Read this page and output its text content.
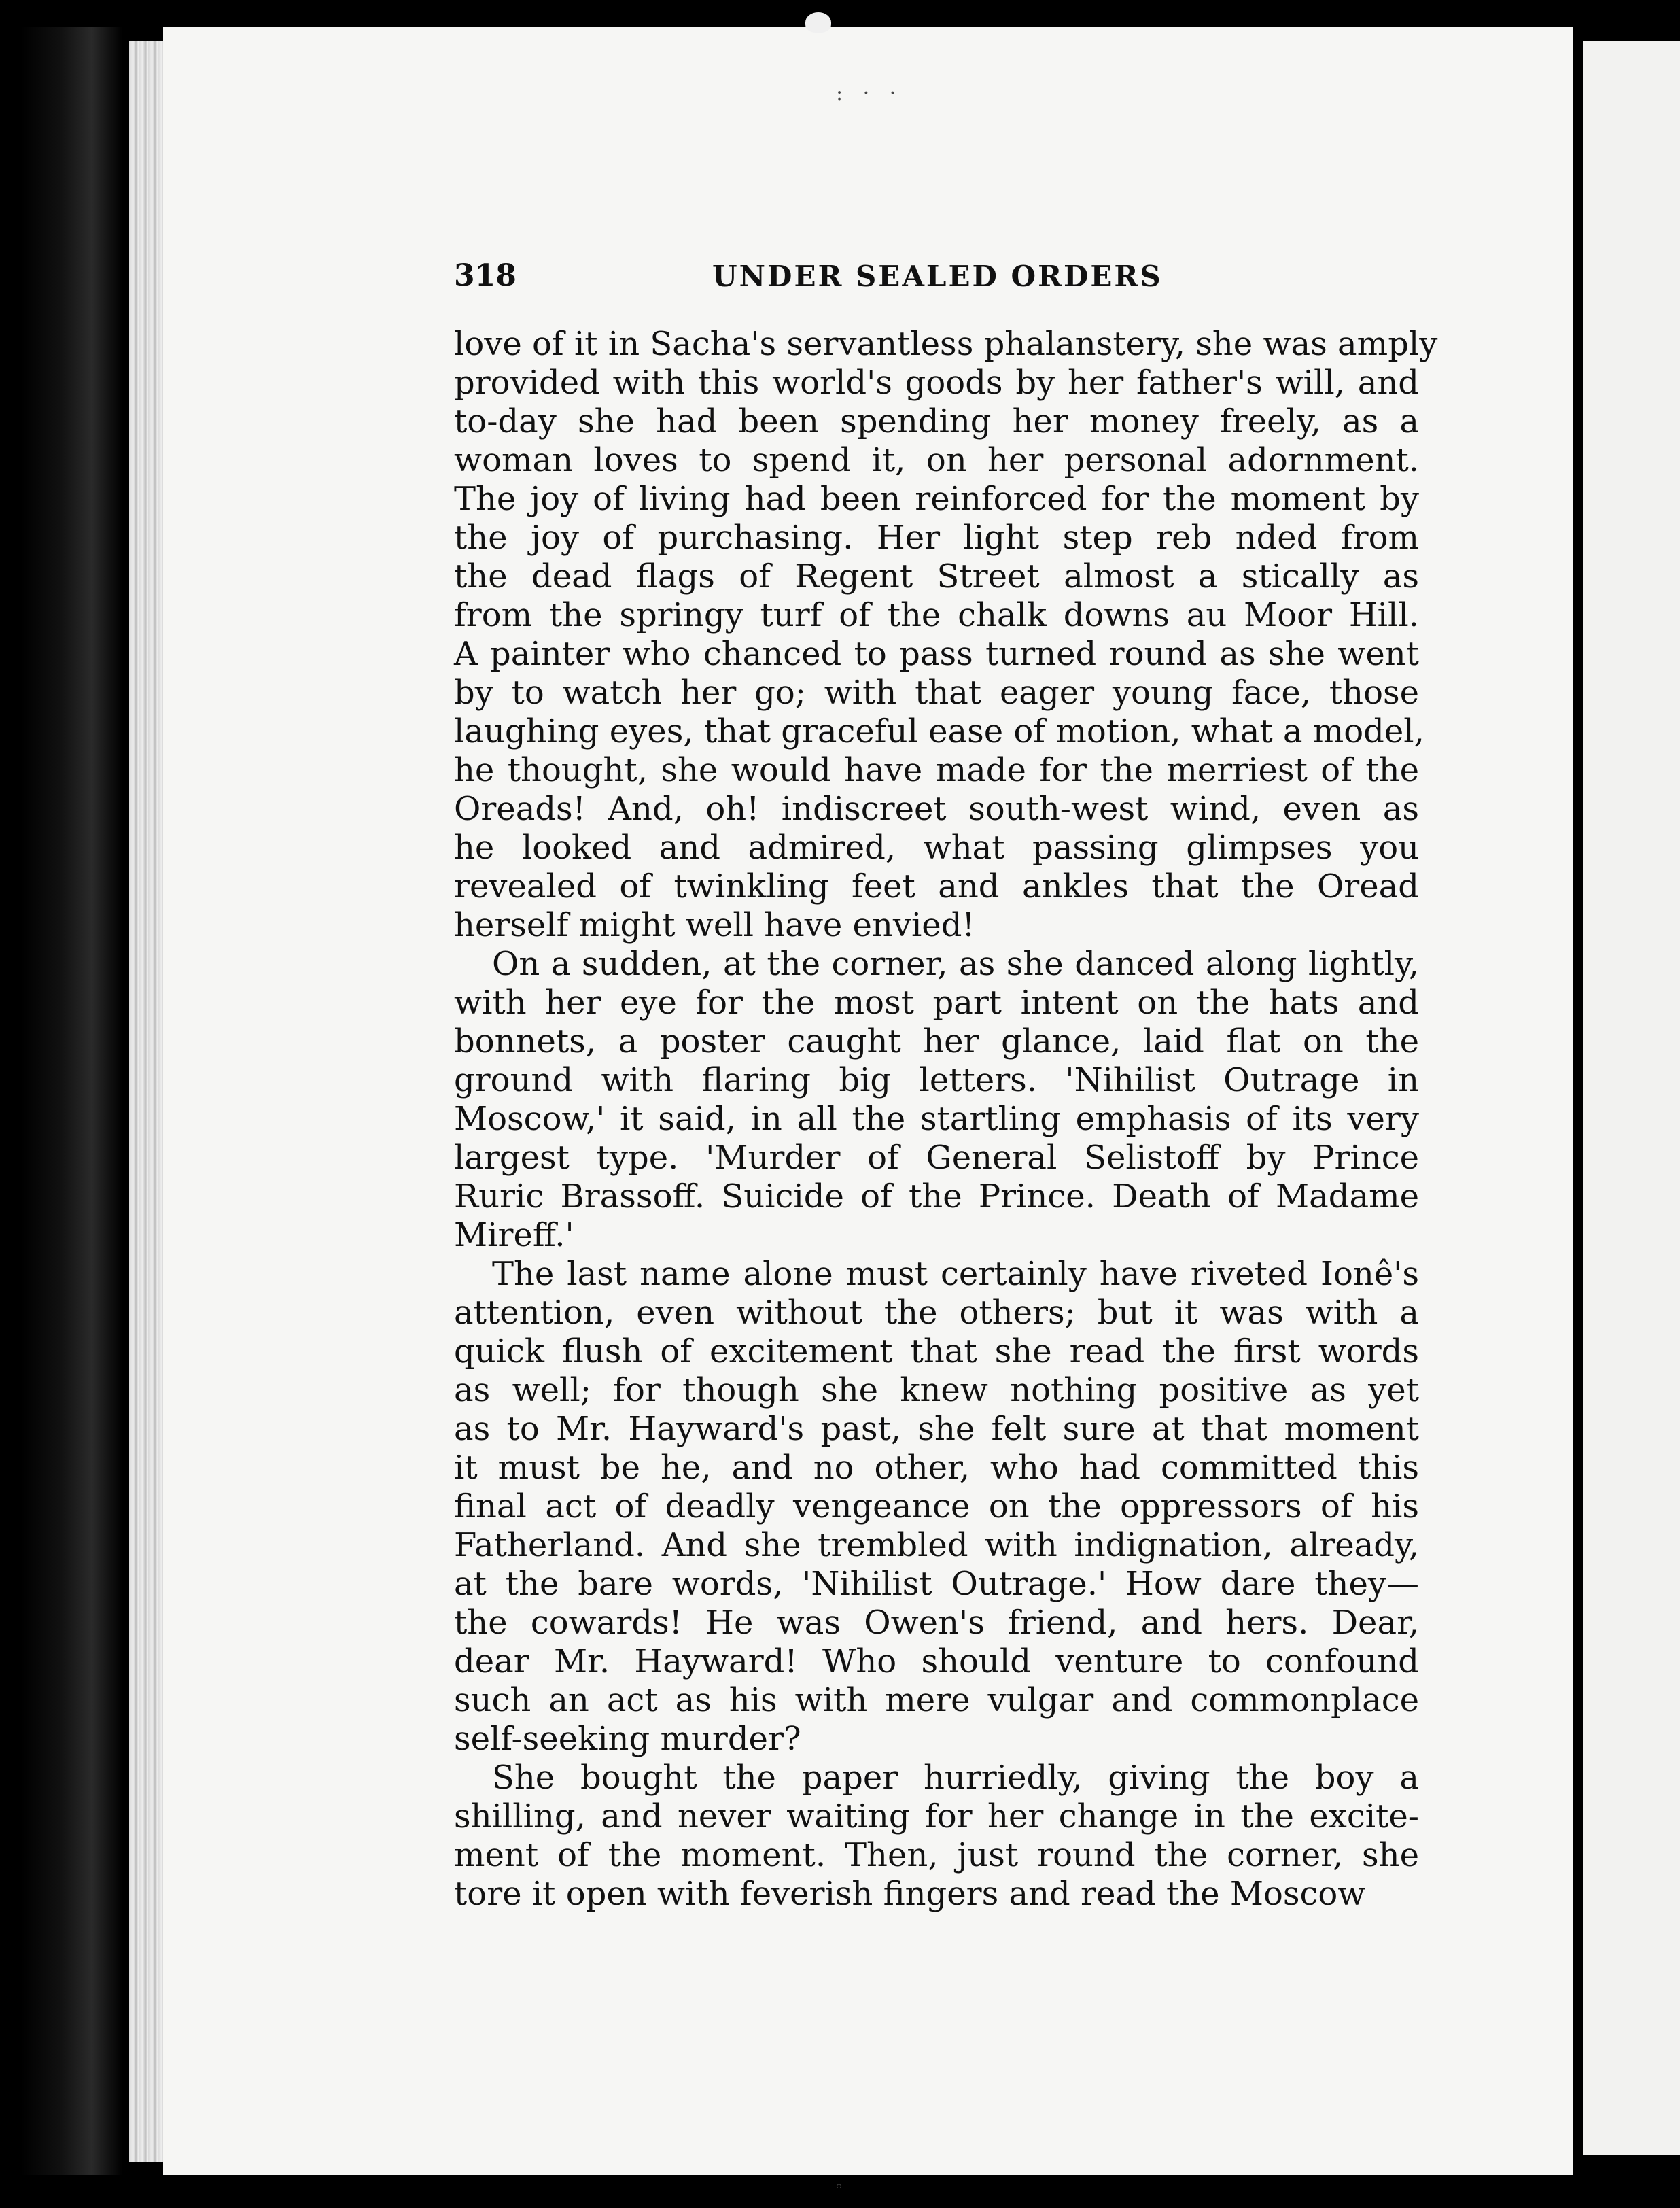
: · ·
◦
318	UNDER SEALED ORDERS

love of it in Sacha's servantless phalanstery, she was amply
provided with this world's goods by her father's will, and
to-day she had been spending her money freely, as a
woman loves to spend it, on her personal adornment.
The joy of living had been reinforced for the moment by
the joy of purchasing. Her light step reb nded from
the dead flags of Regent Street almost a stically as
from the springy turf of the chalk downs au Moor Hill.
A painter who chanced to pass turned round as she went
by to watch her go; with that eager young face, those
laughing eyes, that graceful ease of motion, what a model,
he thought, she would have made for the merriest of the
Oreads! And, oh! indiscreet south-west wind, even as
he looked and admired, what passing glimpses you
revealed of twinkling feet and ankles that the Oread
herself might well have envied!

On a sudden, at the corner, as she danced along lightly,
with her eye for the most part intent on the hats and
bonnets, a poster caught her glance, laid flat on the
ground with flaring big letters. 'Nihilist Outrage in
Moscow,' it said, in all the startling emphasis of its very
largest type. 'Murder of General Selistoff by Prince
Ruric Brassoff. Suicide of the Prince. Death of Madame
Mireff.'

The last name alone must certainly have riveted Ionê's
attention, even without the others; but it was with a
quick flush of excitement that she read the first words
as well; for though she knew nothing positive as yet
as to Mr. Hayward's past, she felt sure at that moment
it must be he, and no other, who had committed this
final act of deadly vengeance on the oppressors of his
Fatherland. And she trembled with indignation, already,
at the bare words, 'Nihilist Outrage.' How dare they—
the cowards! He was Owen's friend, and hers. Dear,
dear Mr. Hayward! Who should venture to confound
such an act as his with mere vulgar and commonplace
self-seeking murder?

She bought the paper hurriedly, giving the boy a
shilling, and never waiting for her change in the excite-
ment of the moment. Then, just round the corner, she
tore it open with feverish fingers and read the Moscow
